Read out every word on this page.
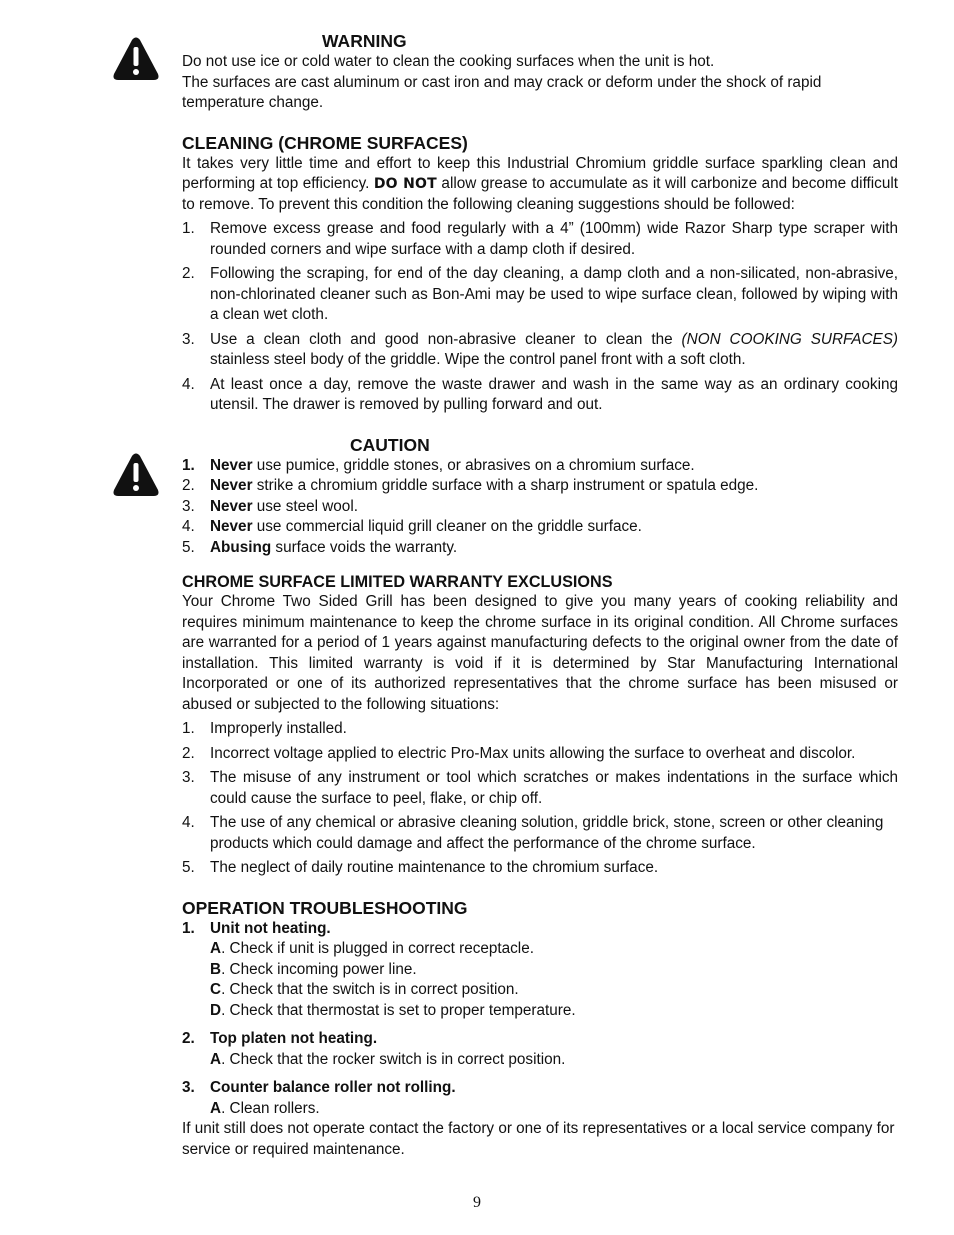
WARNING

Do not use ice or cold water to clean the cooking surfaces when the unit is hot.

The surfaces are cast aluminum or cast iron and may crack or deform under the shock of rapid temperature change.

CLEANING (CHROME SURFACES)

It takes very little time and effort to keep this Industrial Chromium griddle surface sparkling clean and performing at top efficiency. DO NOT allow grease to accumulate as it will carbonize and become difficult to remove. To prevent this condition the following cleaning suggestions should be followed:

1. Remove excess grease and food regularly with a 4” (100mm) wide Razor Sharp type scraper with rounded corners and wipe surface with a damp cloth if desired.
2. Following the scraping, for end of the day cleaning, a damp cloth and a non-silicated, non-abrasive, non-chlorinated cleaner such as Bon-Ami may be used to wipe surface clean, followed by wiping with a clean wet cloth.
3. Use a clean cloth and good non-abrasive cleaner to clean the (NON COOKING SURFACES) stainless steel body of the griddle. Wipe the control panel front with a soft cloth.
4. At least once a day, remove the waste drawer and wash in the same way as an ordinary cooking utensil. The drawer is removed by pulling forward and out.
CAUTION
1. Never use pumice, griddle stones, or abrasives on a chromium surface.
2. Never strike a chromium griddle surface with a sharp instrument or spatula edge.
3. Never use steel wool.
4. Never use commercial liquid grill cleaner on the griddle surface.
5. Abusing surface voids the warranty.
CHROME SURFACE LIMITED WARRANTY EXCLUSIONS

Your Chrome Two Sided Grill has been designed to give you many years of cooking reliability and requires minimum maintenance to keep the chrome surface in its original condition. All Chrome surfaces are warranted for a period of 1 years against manufacturing defects to the original owner from the date of installation. This limited warranty is void if it is determined by Star Manufacturing International Incorporated or one of its authorized representatives that the chrome surface has been misused or abused or subjected to the following situations:

1. Improperly installed.
2. Incorrect voltage applied to electric Pro-Max units allowing the surface to overheat and discolor.
3. The misuse of any instrument or tool which scratches or makes indentations in the surface which could cause the surface to peel, flake, or chip off.
4. The use of any chemical or abrasive cleaning solution, griddle brick, stone, screen or other cleaning products which could damage and affect the performance of the chrome surface.
5. The neglect of daily routine maintenance to the chromium surface.
OPERATION TROUBLESHOOTING
1. Unit not heating.
A. Check if unit is plugged in correct receptacle.
B. Check incoming power line.
C. Check that the switch is in correct position.
D. Check that thermostat is set to proper temperature.
2. Top platen not heating.
A. Check that the rocker switch is in correct position.
3. Counter balance roller not rolling.
A. Clean rollers.

If unit still does not operate contact the factory or one of its representatives or a local service company for service or required maintenance.

9
